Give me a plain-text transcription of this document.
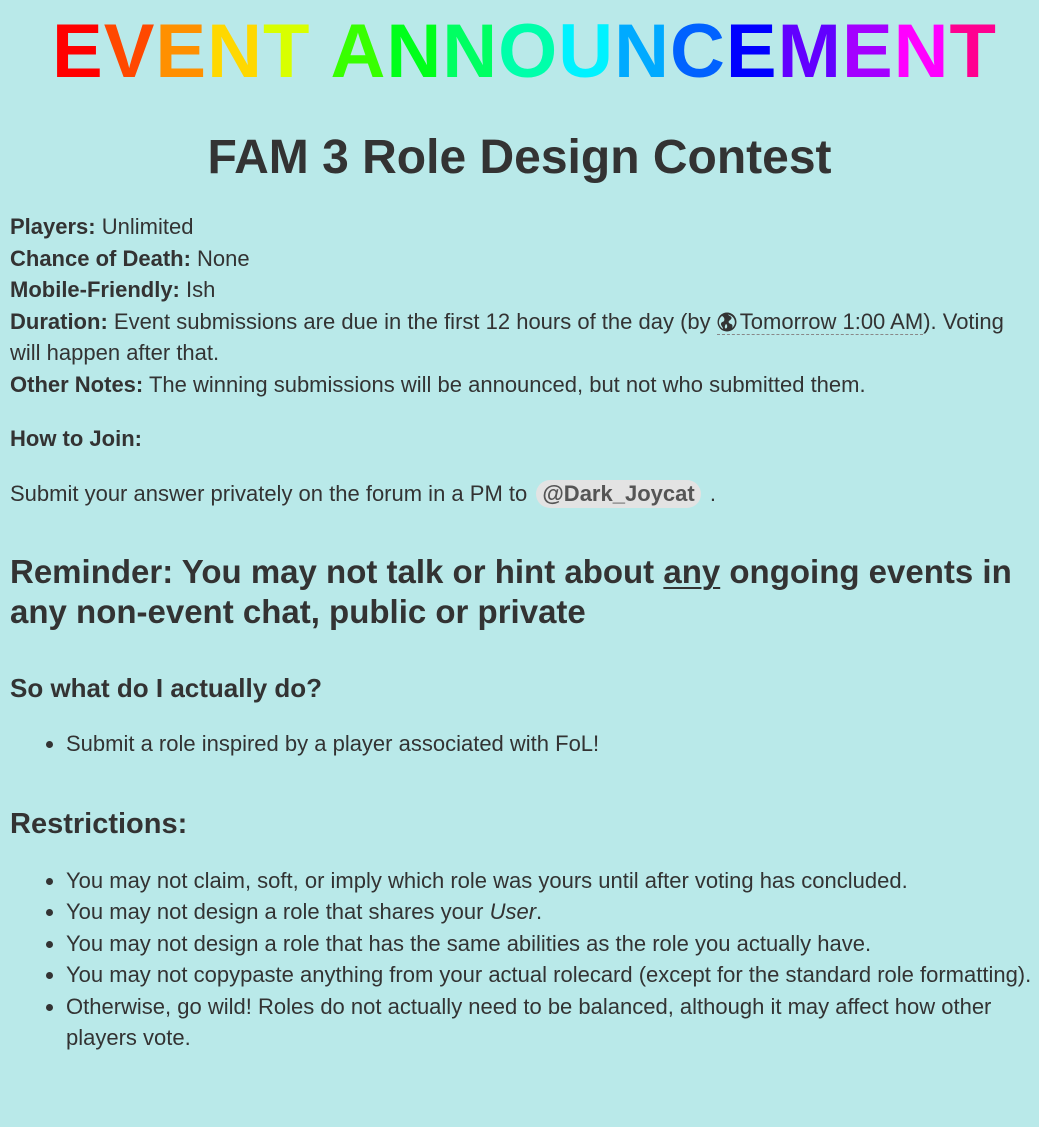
EVENT ANNOUNCEMENT
FAM 3 Role Design Contest

Players: Unlimited

Chance of Death: None

Mobile-Friendly: Ish

Duration: Event submissions are due in the first 12 hours of the day (by Tomorrow 1:00 AM). Voting will happen after that.

Other Notes: The winning submissions will be announced, but not who submitted them.

How to Join:

Submit your answer privately on the forum in a PM to @Dark_Joycat .

Reminder: You may not talk or hint about any ongoing events in any non-event chat, public or private
So what do I actually do?
• Submit a role inspired by a player associated with FoL!
Restrictions:
• You may not claim, soft, or imply which role was yours until after voting has concluded.
• You may not design a role that shares your User.
• You may not design a role that has the same abilities as the role you actually have.
• You may not copypaste anything from your actual rolecard (except for the standard role formatting).
• Otherwise, go wild! Roles do not actually need to be balanced, although it may affect how other players vote.
